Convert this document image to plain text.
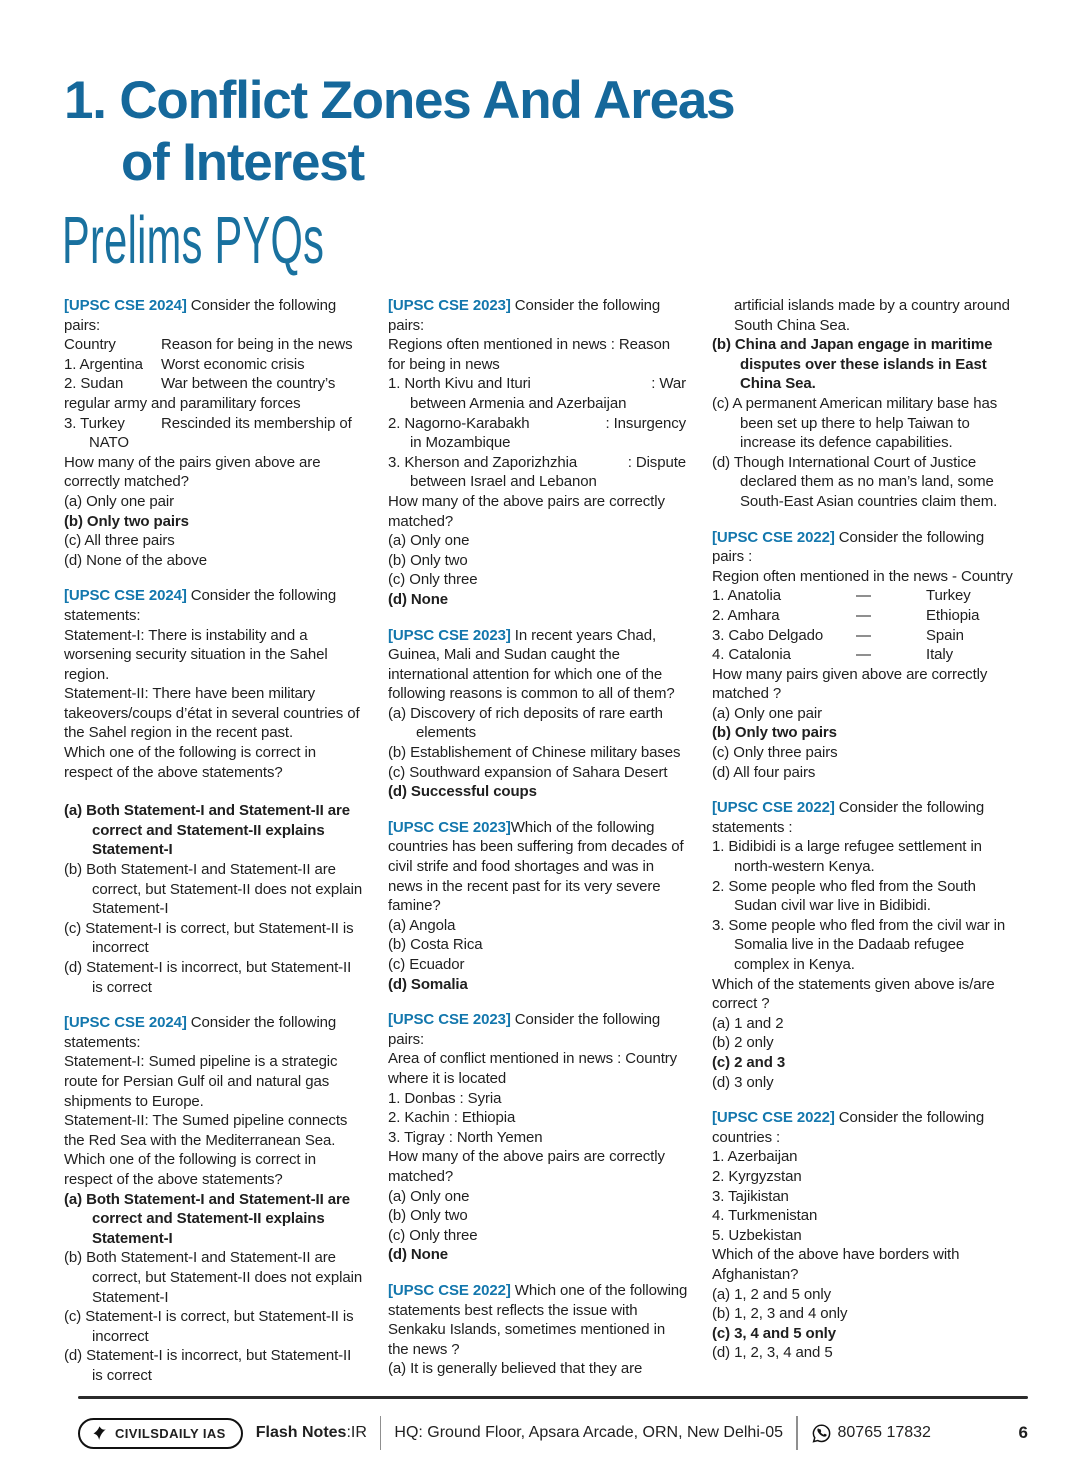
1. Conflict Zones And Areas
of Interest
Prelims PYQs

[UPSC CSE 2024] Consider the following pairs:

Country	Reason for being in the news
1. Argentina	Worst economic crisis
2. Sudan	War between the country’s

regular army and paramilitary forces

3. Turkey	Rescinded its membership of

NATO

How many of the pairs given above are correctly matched?

(a) Only one pair

(b) Only two pairs

(c) All three pairs

(d) None of the above

[UPSC CSE 2024] Consider the following statements:

Statement-I: There is instability and a worsening security situation in the Sahel region.

Statement-II: There have been military takeovers/coups d’état in several countries of the Sahel region in the recent past.

Which one of the following is correct in respect of the above statements?

(a) Both Statement-I and Statement-II are correct and Statement-II explains Statement-I

(b) Both Statement-I and Statement-II are correct, but Statement-II does not explain Statement-I

(c) Statement-I is correct, but Statement-II is incorrect

(d) Statement-I is incorrect, but Statement-II is correct

[UPSC CSE 2024] Consider the following statements:

Statement-I: Sumed pipeline is a strategic route for Persian Gulf oil and natural gas shipments to Europe.

Statement-II: The Sumed pipeline connects the Red Sea with the Mediterranean Sea.

Which one of the following is correct in respect of the above statements?

(a) Both Statement-I and Statement-II are correct and Statement-II explains Statement-I

(b) Both Statement-I and Statement-II are correct, but Statement-II does not explain Statement-I

(c) Statement-I is correct, but Statement-II is incorrect

(d) Statement-I is incorrect, but Statement-II is correct

[UPSC CSE 2023] Consider the following pairs:

Regions often mentioned in news : Reason for being in news

1. North Kivu and Ituri	: War

between Armenia and Azerbaijan

2. Nagorno-Karabakh	: Insurgency

in Mozambique

3. Kherson and Zaporizhzhia	: Dispute

between Israel and Lebanon

How many of the above pairs are correctly matched?

(a) Only one

(b) Only two

(c) Only three

(d) None

[UPSC CSE 2023] In recent years Chad, Guinea, Mali and Sudan caught the international attention for which one of the following reasons is common to all of them?

(a) Discovery of rich deposits of rare earth elements

(b) Establishement of Chinese military bases

(c) Southward expansion of Sahara Desert

(d) Successful coups

[UPSC CSE 2023]Which of the following countries has been suffering from decades of civil strife and food shortages and was in news in the recent past for its very severe famine?

(a) Angola

(b) Costa Rica

(c) Ecuador

(d) Somalia

[UPSC CSE 2023] Consider the following pairs:

Area of conflict mentioned in news : Country where it is located

1. Donbas : Syria

2. Kachin : Ethiopia

3. Tigray : North Yemen

How many of the above pairs are correctly matched?

(a) Only one

(b) Only two

(c) Only three

(d) None

[UPSC CSE 2022] Which one of the following statements best reflects the issue with Senkaku Islands, sometimes mentioned in the news ?

(a) It is generally believed that they are

artificial islands made by a country around South China Sea.

(b) China and Japan engage in maritime disputes over these islands in East China Sea.

(c) A permanent American military base has been set up there to help Taiwan to increase its defence capabilities.

(d) Though International Court of Justice declared them as no man’s land, some South-East Asian countries claim them.

[UPSC CSE 2022] Consider the following pairs :

Region often mentioned in the news - Country

1. Anatolia	—	Turkey
2. Amhara	—	Ethiopia
3. Cabo Delgado	—	Spain
4. Catalonia	—	Italy

How many pairs given above are correctly matched ?

(a) Only one pair

(b) Only two pairs

(c) Only three pairs

(d) All four pairs

[UPSC CSE 2022] Consider the following statements :

1. Bidibidi is a large refugee settlement in north-western Kenya.

2. Some people who fled from the South Sudan civil war live in Bidibidi.

3. Some people who fled from the civil war in Somalia live in the Dadaab refugee complex in Kenya.

Which of the statements given above is/are correct ?

(a) 1 and 2

(b) 2 only

(c) 2 and 3

(d) 3 only

[UPSC CSE 2022] Consider the following countries :

1. Azerbaijan

2. Kyrgyzstan

3. Tajikistan

4. Turkmenistan

5. Uzbekistan

Which of the above have borders with Afghanistan?

(a) 1, 2 and 5 only

(b) 1, 2, 3 and 4 only

(c) 3, 4 and 5 only

(d) 1, 2, 3, 4 and 5

CIVILSDAILY IAS Flash Notes:IR HQ: Ground Floor, Apsara Arcade, ORN, New Delhi-05	80765 17832	6
